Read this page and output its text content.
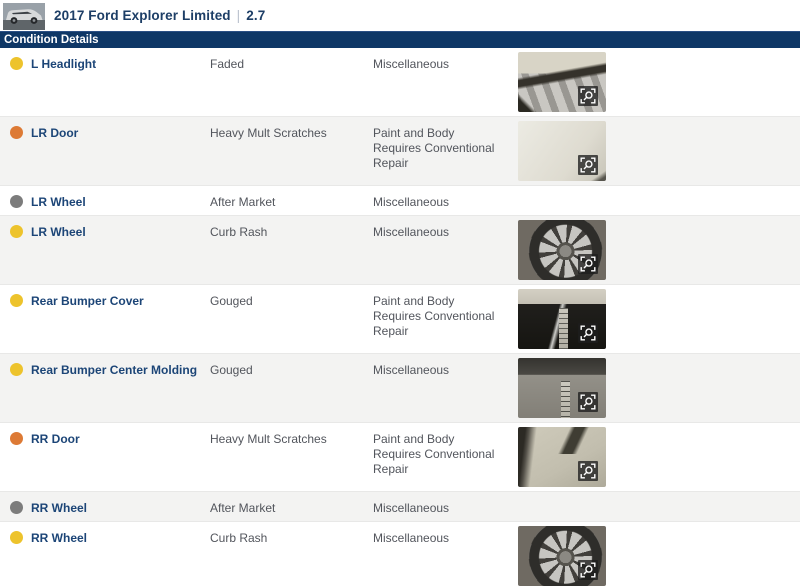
2017 Ford Explorer Limited | 2.7
Condition Details
L Headlight	Faded	Miscellaneous
LR Door	Heavy Mult Scratches	Paint and Body Requires Conventional Repair
LR Wheel	After Market	Miscellaneous
LR Wheel	Curb Rash	Miscellaneous
Rear Bumper Cover	Gouged	Paint and Body Requires Conventional Repair
Rear Bumper Center Molding	Gouged	Miscellaneous
RR Door	Heavy Mult Scratches	Paint and Body Requires Conventional Repair
RR Wheel	After Market	Miscellaneous
RR Wheel	Curb Rash	Miscellaneous
